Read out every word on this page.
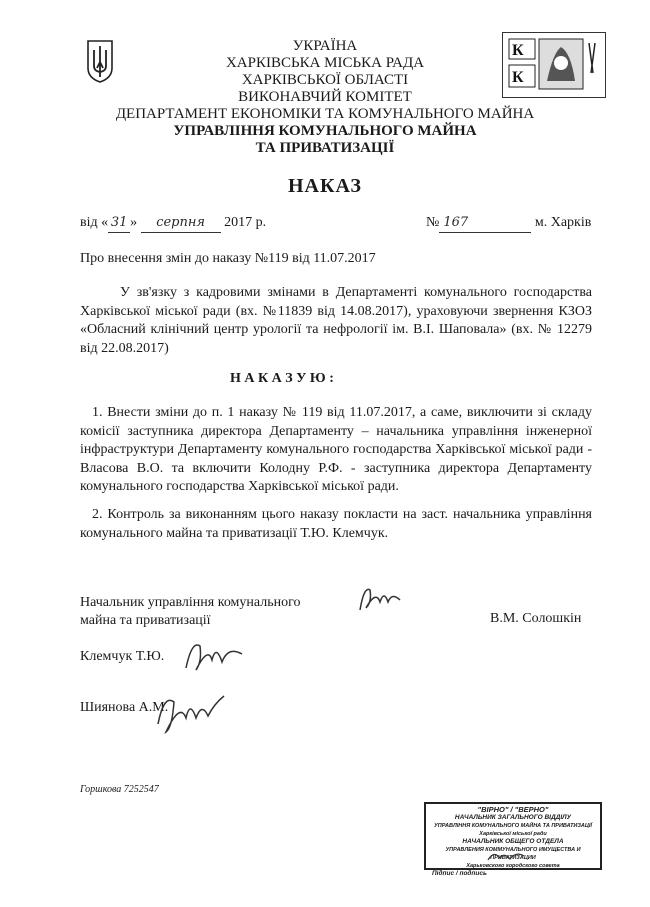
К
К
УКРАЇНА
ХАРКІВСЬКА МІСЬКА РАДА
ХАРКІВСЬКОЇ ОБЛАСТІ
ВИКОНАВЧИЙ КОМІТЕТ
ДЕПАРТАМЕНТ ЕКОНОМІКИ ТА КОМУНАЛЬНОГО МАЙНА
УПРАВЛІННЯ КОМУНАЛЬНОГО МАЙНА
ТА ПРИВАТИЗАЦІЇ
НАКАЗ
від « 31 » серпня 2017 р.	№ 167	м. Харків
Про внесення змін до наказу №119 від 11.07.2017
У зв'язку з кадровими змінами в Департаменті комунального господарства Харківської міської ради (вх. №11839 від 14.08.2017), ураховуючи звернення КЗОЗ «Обласний клінічний центр урології та нефрології ім. В.І. Шаповала» (вх. № 12279 від 22.08.2017)
Н А К А З У Ю :
1. Внести зміни до п. 1 наказу № 119 від 11.07.2017, а саме, виключити зі складу комісії заступника директора Департаменту – начальника управління інженерної інфраструктури Департаменту комунального господарства Харківської міської ради - Власова В.О. та включити Колодну Р.Ф. - заступника директора Департаменту комунального господарства Харківської міської ради.
2. Контроль за виконанням цього наказу покласти на заст. начальника управління комунального майна та приватизації Т.Ю. Клемчук.
Начальник управління комунального
майна та приватизації	В.М. Солошкін
Клемчук Т.Ю.
Шиянова А.М.
Горшкова 7252547
"ВІРНО" / "ВЕРНО"
НАЧАЛЬНИК ЗАГАЛЬНОГО ВІДДІЛУ
УПРАВЛІННЯ КОМУНАЛЬНОГО МАЙНА ТА ПРИВАТИЗАЦІЇ
Харківської міської ради
НАЧАЛЬНИК ОБЩЕГО ОТДЕЛА
УПРАВЛЕНИЯ КОММУНАЛЬНОГО ИМУЩЕСТВА И ПРИВАТИЗАЦИИ
Харьковского городского совета
Підпис / подпись
